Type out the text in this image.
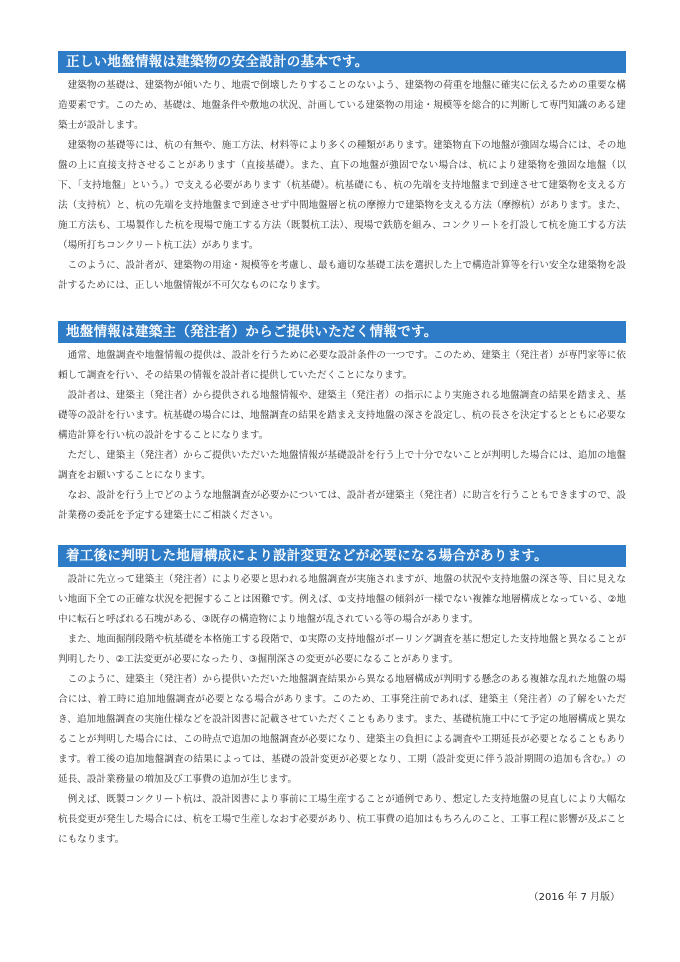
正しい地盤情報は建築物の安全設計の基本です。

建築物の基礎は、建築物が傾いたり、地震で倒壊したりすることのないよう、建築物の荷重を地盤に確実に伝えるための重要な構造要素です。このため、基礎は、地盤条件や敷地の状況、計画している建築物の用途・規模等を総合的に判断して専門知識のある建築士が設計します。

建築物の基礎等には、杭の有無や、施工方法、材料等により多くの種類があります。建築物直下の地盤が強固な場合には、その地盤の上に直接支持させることがあります（直接基礎）。また、直下の地盤が強固でない場合は、杭により建築物を強固な地盤（以下、「支持地盤」という。）で支える必要があります（杭基礎）。杭基礎にも、杭の先端を支持地盤まで到達させて建築物を支える方法（支持杭）と、杭の先端を支持地盤まで到達させず中間地盤層と杭の摩擦力で建築物を支える方法（摩擦杭）があります。また、施工方法も、工場製作した杭を現場で施工する方法（既製杭工法）、現場で鉄筋を組み、コンクリートを打設して杭を施工する方法（場所打ちコンクリート杭工法）があります。

このように、設計者が、建築物の用途・規模等を考慮し、最も適切な基礎工法を選択した上で構造計算等を行い安全な建築物を設計するためには、正しい地盤情報が不可欠なものになります。

地盤情報は建築主（発注者）からご提供いただく情報です。

通常、地盤調査や地盤情報の提供は、設計を行うために必要な設計条件の一つです。このため、建築主（発注者）が専門家等に依頼して調査を行い、その結果の情報を設計者に提供していただくことになります。

設計者は、建築主（発注者）から提供される地盤情報や、建築主（発注者）の指示により実施される地盤調査の結果を踏まえ、基礎等の設計を行います。杭基礎の場合には、地盤調査の結果を踏まえ支持地盤の深さを設定し、杭の長さを決定するとともに必要な構造計算を行い杭の設計をすることになります。

ただし、建築主（発注者）からご提供いただいた地盤情報が基礎設計を行う上で十分でないことが判明した場合には、追加の地盤調査をお願いすることになります。

なお、設計を行う上でどのような地盤調査が必要かについては、設計者が建築主（発注者）に助言を行うこともできますので、設計業務の委託を予定する建築士にご相談ください。

着工後に判明した地層構成により設計変更などが必要になる場合があります。

設計に先立って建築主（発注者）により必要と思われる地盤調査が実施されますが、地盤の状況や支持地盤の深さ等、目に見えない地面下全ての正確な状況を把握することは困難です。例えば、①支持地盤の傾斜が一様でない複雑な地層構成となっている、②地中に転石と呼ばれる石塊がある、③既存の構造物により地盤が乱されている等の場合があります。

また、地面掘削段階や杭基礎を本格施工する段階で、①実際の支持地盤がボーリング調査を基に想定した支持地盤と異なることが判明したり、②工法変更が必要になったり、③掘削深さの変更が必要になることがあります。

このように、建築主（発注者）から提供いただいた地盤調査結果から異なる地層構成が判明する懸念のある複雑な乱れた地盤の場合には、着工時に追加地盤調査が必要となる場合があります。このため、工事発注前であれば、建築主（発注者）の了解をいただき、追加地盤調査の実施仕様などを設計図書に記載させていただくこともあります。また、基礎杭施工中にて予定の地層構成と異なることが判明した場合には、この時点で追加の地盤調査が必要になり、建築主の負担による調査や工期延長が必要となることもあります。着工後の追加地盤調査の結果によっては、基礎の設計変更が必要となり、工期（設計変更に伴う設計期間の追加も含む。）の延長、設計業務量の増加及び工事費の追加が生じます。

例えば、既製コンクリート杭は、設計図書により事前に工場生産することが通例であり、想定した支持地盤の見直しにより大幅な杭長変更が発生した場合には、杭を工場で生産しなおす必要があり、杭工事費の追加はもちろんのこと、工事工程に影響が及ぶことにもなります。

（2016 年 7 月版）
